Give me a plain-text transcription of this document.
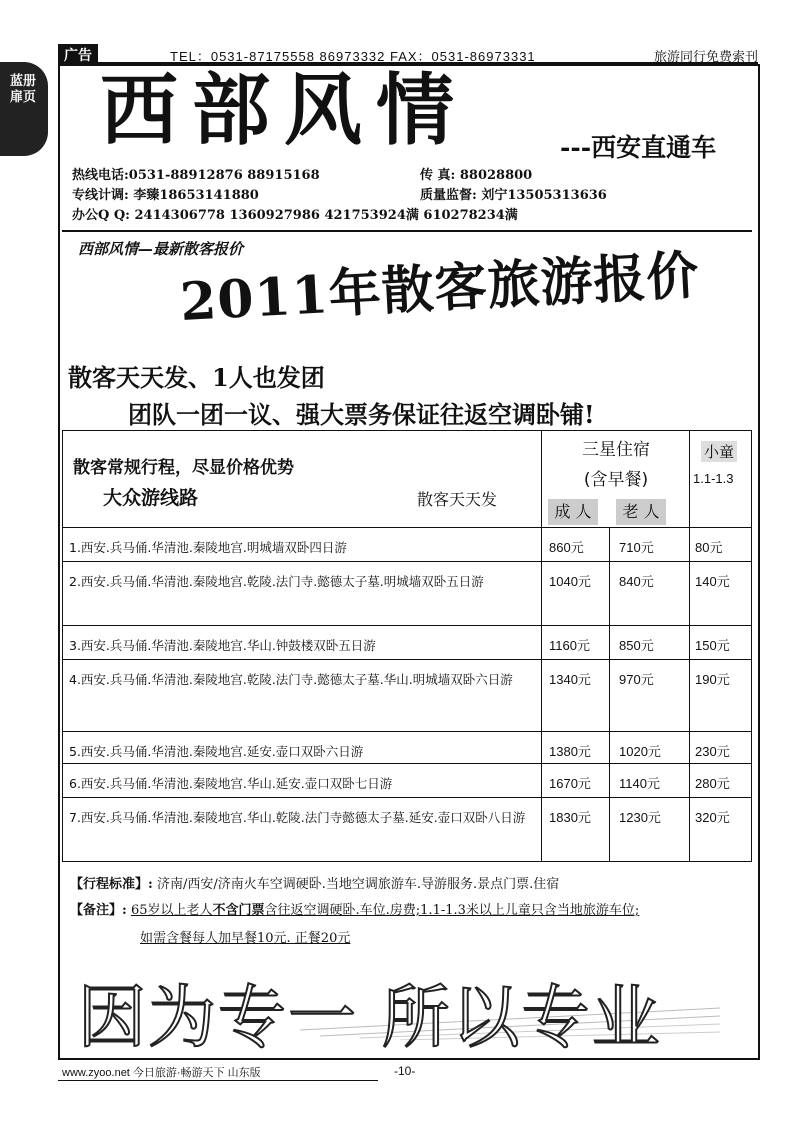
蓝册扉页
广告	TEL：0531-87175558 86973332 FAX：0531-86973331	旅游同行免费索刊
西部风情	---西安直通车
热线电话:0531-88912876 88915168	传 真: 88028800
专线计调: 李臻18653141880	质量监督: 刘宁13505313636
办公Q Q: 2414306778 1360927986 421753924满 610278234满
西部风情—最新散客报价
2011年散客旅游报价
散客天天发、1人也发团
团队一团一议、强大票务保证往返空调卧铺!
散客常规行程，尽显价格优势
大众游线路	散客天天发
三星住宿
(含早餐)
小童
1.1-1.3
成 人	老 人
1.西安.兵马俑.华清池.秦陵地宫.明城墙双卧四日游	860元	710元	80元
2.西安.兵马俑.华清池.秦陵地宫.乾陵.法门寺.懿德太子墓.明城墙双卧五日游	1040元 840元	140元
3.西安.兵马俑.华清池.秦陵地宫.华山.钟鼓楼双卧五日游	1160元 850元	150元
4.西安.兵马俑.华清池.秦陵地宫.乾陵.法门寺.懿德太子墓.华山.明城墙双卧六日游	1340元 970元	190元
5.西安.兵马俑.华清池.秦陵地宫.延安.壶口双卧六日游	1380元 1020元	230元
6.西安.兵马俑.华清池.秦陵地宫.华山.延安.壶口双卧七日游	1670元 1140元	280元
7.西安.兵马俑.华清池.秦陵地宫.华山.乾陵.法门寺懿德太子墓.延安.壶口双卧八日游	1830元 1230元	320元
【行程标准】: 济南/西安/济南火车空调硬卧.当地空调旅游车.导游服务.景点门票.住宿
【备注】: 65岁以上老人不含门票含往返空调硬卧.车位.房费;1.1-1.3米以上儿童只含当地旅游车位;
如需含餐每人加早餐10元. 正餐20元
因为专一 所以专业
www.zyoo.net 今日旅游·畅游天下 山东版	-10-
